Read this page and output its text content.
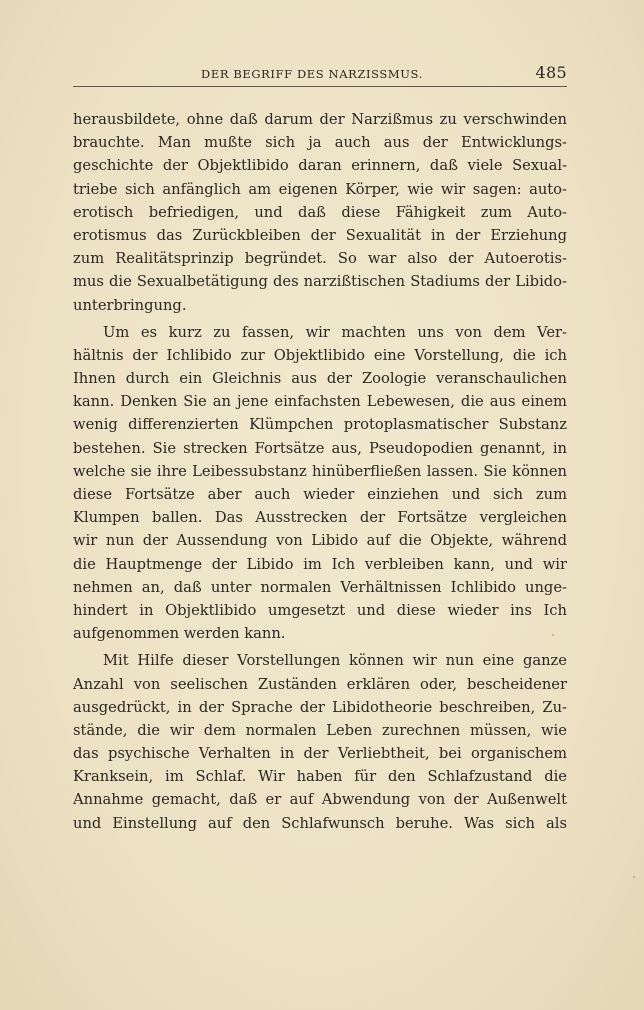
DER BEGRIFF DES NARZISSMUS.	485
herausbildete, ohne daß darum der Narzißmus zu verschwinden
brauchte. Man mußte sich ja auch aus der Entwicklungs-
geschichte der Objektlibido daran erinnern, daß viele Sexual-
triebe sich anfänglich am eigenen Körper, wie wir sagen: auto-
erotisch befriedigen, und daß diese Fähigkeit zum Auto-
erotismus das Zurückbleiben der Sexualität in der Erziehung
zum Realitätsprinzip begründet. So war also der Autoerotis-
mus die Sexualbetätigung des narzißtischen Stadiums der Libido-
unterbringung.
Um es kurz zu fassen, wir machten uns von dem Ver-
hältnis der Ichlibido zur Objektlibido eine Vorstellung, die ich
Ihnen durch ein Gleichnis aus der Zoologie veranschaulichen
kann. Denken Sie an jene einfachsten Lebewesen, die aus einem
wenig differenzierten Klümpchen protoplasmatischer Substanz
bestehen. Sie strecken Fortsätze aus, Pseudopodien genannt, in
welche sie ihre Leibessubstanz hinüberfließen lassen. Sie können
diese Fortsätze aber auch wieder einziehen und sich zum
Klumpen ballen. Das Ausstrecken der Fortsätze vergleichen
wir nun der Aussendung von Libido auf die Objekte, während
die Hauptmenge der Libido im Ich verbleiben kann, und wir
nehmen an, daß unter normalen Verhältnissen Ichlibido unge-
hindert in Objektlibido umgesetzt und diese wieder ins Ich
aufgenommen werden kann.
Mit Hilfe dieser Vorstellungen können wir nun eine ganze
Anzahl von seelischen Zuständen erklären oder, bescheidener
ausgedrückt, in der Sprache der Libidotheorie beschreiben, Zu-
stände, die wir dem normalen Leben zurechnen müssen, wie
das psychische Verhalten in der Verliebtheit, bei organischem
Kranksein, im Schlaf. Wir haben für den Schlafzustand die
Annahme gemacht, daß er auf Abwendung von der Außenwelt
und Einstellung auf den Schlafwunsch beruhe. Was sich als
